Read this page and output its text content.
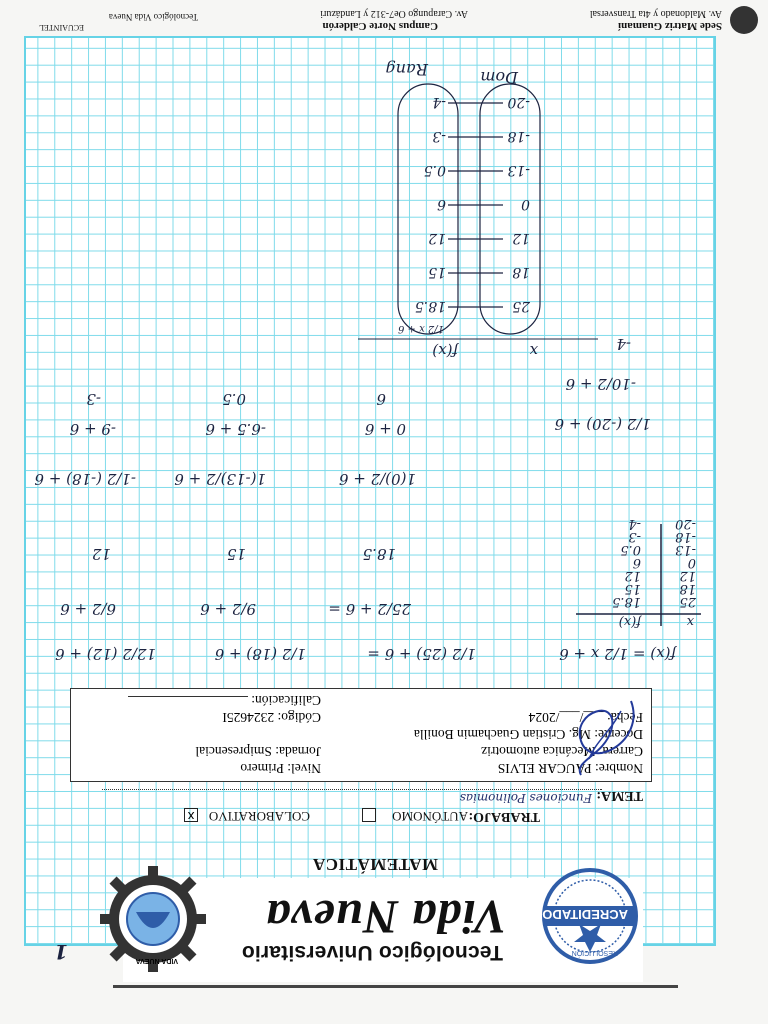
1
ACREDITADO
RESOLUCIÓN
VIDA NUEVA	Tecnológico Universitario
Vida Nueva
MATEMÁTICA
TRABAJO:
AUTÓNOMO
COLABORATIVO
x
TEMA:
Funciones Polinomias
Nombre: PAUCAR ELVIS
Nivel: Primero
Carrera: Mecánica automotriz
Jornada: Smipresencial
Docente: Mg. Cristian Guachamin Bonilla
Fecha: ___/___/2024
Código: 2324625I
Calificación:
f(x) = 1/2 x + 6
1/2 (25) + 6 =
1/2 (18) + 6
12/2 (12) + 6
25/2 + 6 =
9/2 + 6
6/2 + 6
18.5
15
12
1(0)/2 + 6
1(-13)/2 + 6
-1/2 (-18) + 6
0 + 6
-6.5 + 6
-9 + 6
6
0.5
-3
1/2 (-20) + 6
-10/2 + 6
-4
x
f(x)
25
18.5
18
15
12
12
0
6
-13
0.5
-18
-3
-20
-4
x
f(x)
1/2 x + 6
Dom
Rang
25
18.5
18
15
12
12
0
6
-13
0.5
-18
-3
-20
-4
Sede Matriz Guamaní
Av. Maldonado y 4ta Transversal
Campus Norte Calderón
Av. Carapungo Oe7-312 y Landázuri
Tecnológico Vida Nueva
ECUAINTEL
